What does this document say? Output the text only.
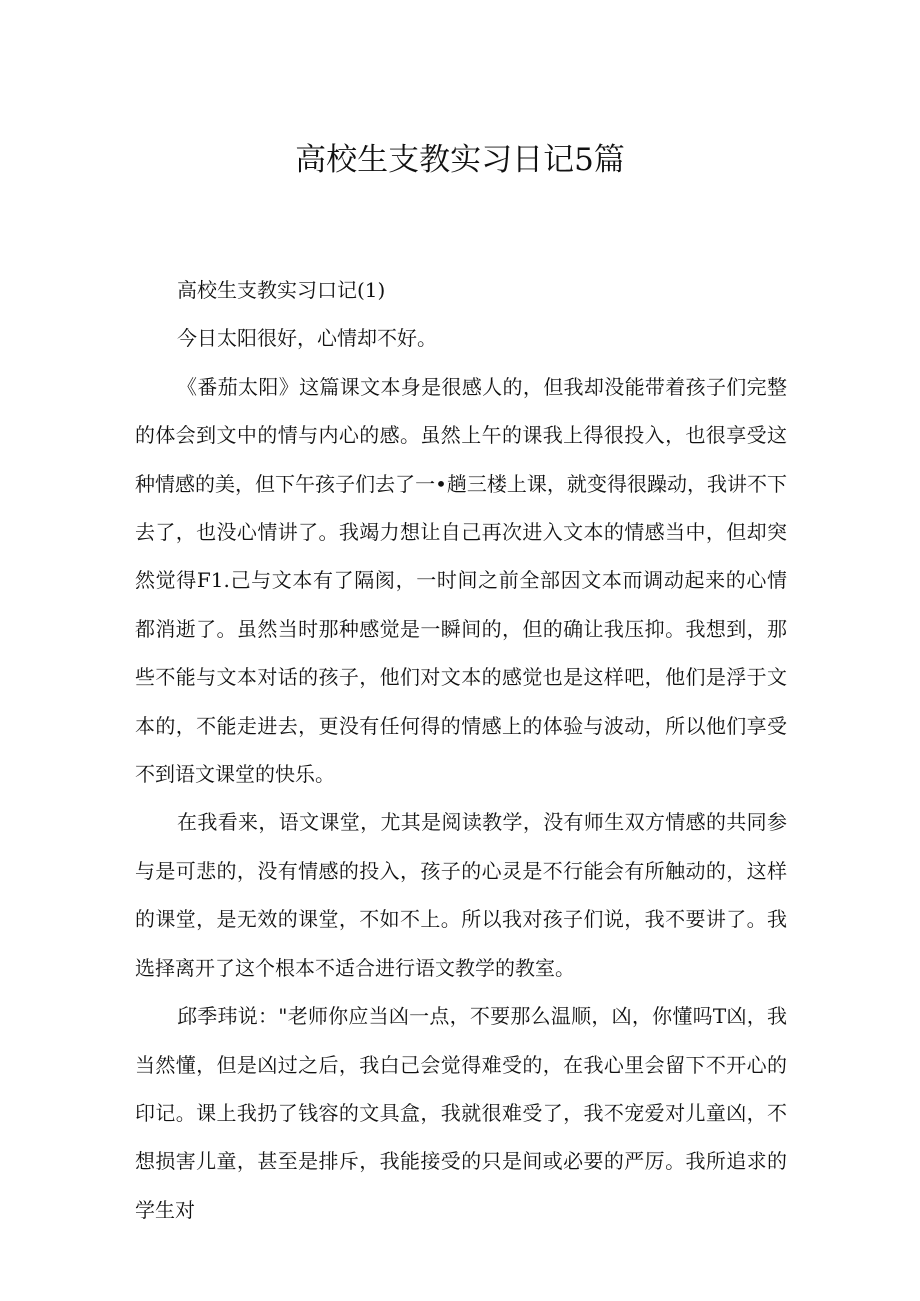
高校生支教实习日记5篇

高校生支教实习口记(1)

今日太阳很好，心情却不好。

《番茄太阳》这篇课文本身是很感人的，但我却没能带着孩子们完整的体会到文中的情与内心的感。虽然上午的课我上得很投入，也很享受这种情感的美，但下午孩子们去了一•趟三楼上课，就变得很躁动，我讲不下去了，也没心情讲了。我竭力想让自己再次进入文本的情感当中，但却突然觉得F1.己与文本有了隔阂，一时间之前全部因文本而调动起来的心情都消逝了。虽然当时那种感觉是一瞬间的，但的确让我压抑。我想到，那些不能与文本对话的孩子，他们对文本的感觉也是这样吧，他们是浮于文本的，不能走进去，更没有任何得的情感上的体验与波动，所以他们享受不到语文课堂的快乐。

在我看来，语文课堂，尤其是阅读教学，没有师生双方情感的共同参与是可悲的，没有情感的投入，孩子的心灵是不行能会有所触动的，这样的课堂，是无效的课堂，不如不上。所以我对孩子们说，我不要讲了。我选择离开了这个根本不适合进行语文教学的教室。

邱季玮说："老师你应当凶一点，不要那么温顺，凶，你懂吗T凶，我当然懂，但是凶过之后，我白己会觉得难受的，在我心里会留下不开心的印记。课上我扔了钱容的文具盒，我就很难受了，我不宠爱对儿童凶，不想损害儿童，甚至是排斥，我能接受的只是间或必要的严厉。我所追求的学生对
